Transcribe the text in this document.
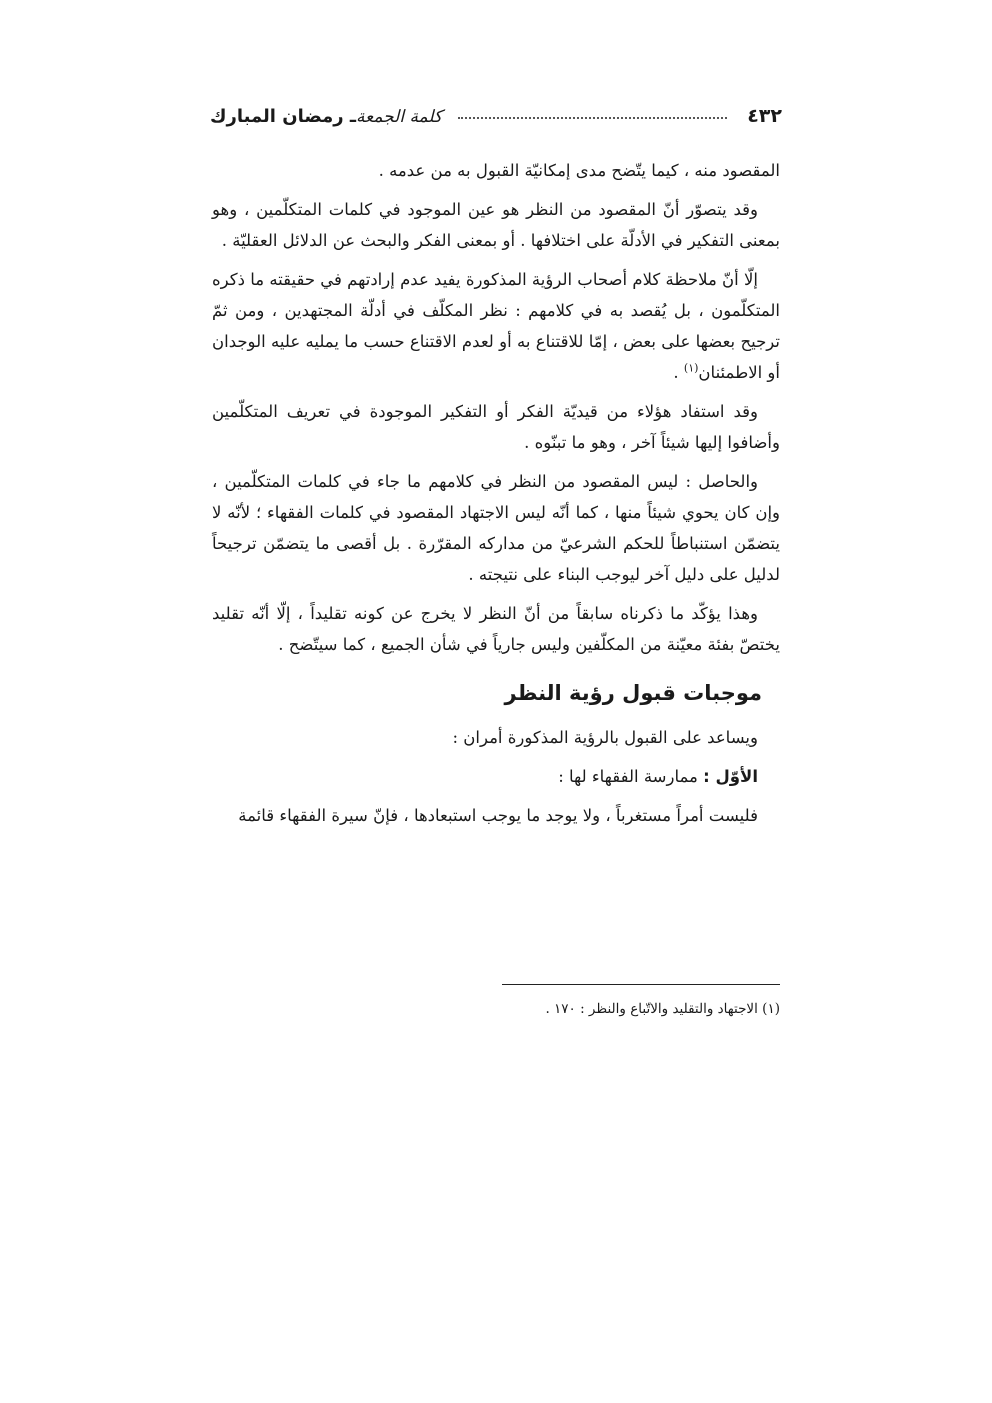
٤٣٢
كلمة الجمعةـ رمضان المبارك

المقصود منه ، كيما يتّضح مدى إمكانيّة القبول به من عدمه .

وقد يتصوّر أنّ المقصود من النظر هو عين الموجود في كلمات المتكلّمين ، وهو بمعنى التفكير في الأدلّة على اختلافها . أو بمعنى الفكر والبحث عن الدلائل العقليّة .

إلّا أنّ ملاحظة كلام أصحاب الرؤية المذكورة يفيد عدم إرادتهم في حقيقته ما ذكره المتكلّمون ، بل يُقصد به في كلامهم : نظر المكلّف في أدلّة المجتهدين ، ومن ثمّ ترجيح بعضها على بعض ، إمّا للاقتناع به أو لعدم الاقتناع حسب ما يمليه عليه الوجدان أو الاطمئنان$^{(١)}$ .

وقد استفاد هؤلاء من قيديّة الفكر أو التفكير الموجودة في تعريف المتكلّمين وأضافوا إليها شيئاً آخر ، وهو ما تبنّوه .

والحاصل : ليس المقصود من النظر في كلامهم ما جاء في كلمات المتكلّمين ، وإن كان يحوي شيئاً منها ، كما أنّه ليس الاجتهاد المقصود في كلمات الفقهاء ؛ لأنّه لا يتضمّن استنباطاً للحكم الشرعيّ من مداركه المقرّرة . بل أقصى ما يتضمّن ترجيحاً لدليل على دليل آخر ليوجب البناء على نتيجته .

وهذا يؤكّد ما ذكرناه سابقاً من أنّ النظر لا يخرج عن كونه تقليداً ، إلّا أنّه تقليد يختصّ بفئة معيّنة من المكلّفين وليس جارياً في شأن الجميع ، كما سيتّضح .

موجبات قبول رؤية النظر

ويساعد على القبول بالرؤية المذكورة أمران :

الأوّل : ممارسة الفقهاء لها :

فليست أمراً مستغرباً ، ولا يوجد ما يوجب استبعادها ، فإنّ سيرة الفقهاء قائمة

(١) الاجتهاد والتقليد والاتّباع والنظر : ١٧٠ .
